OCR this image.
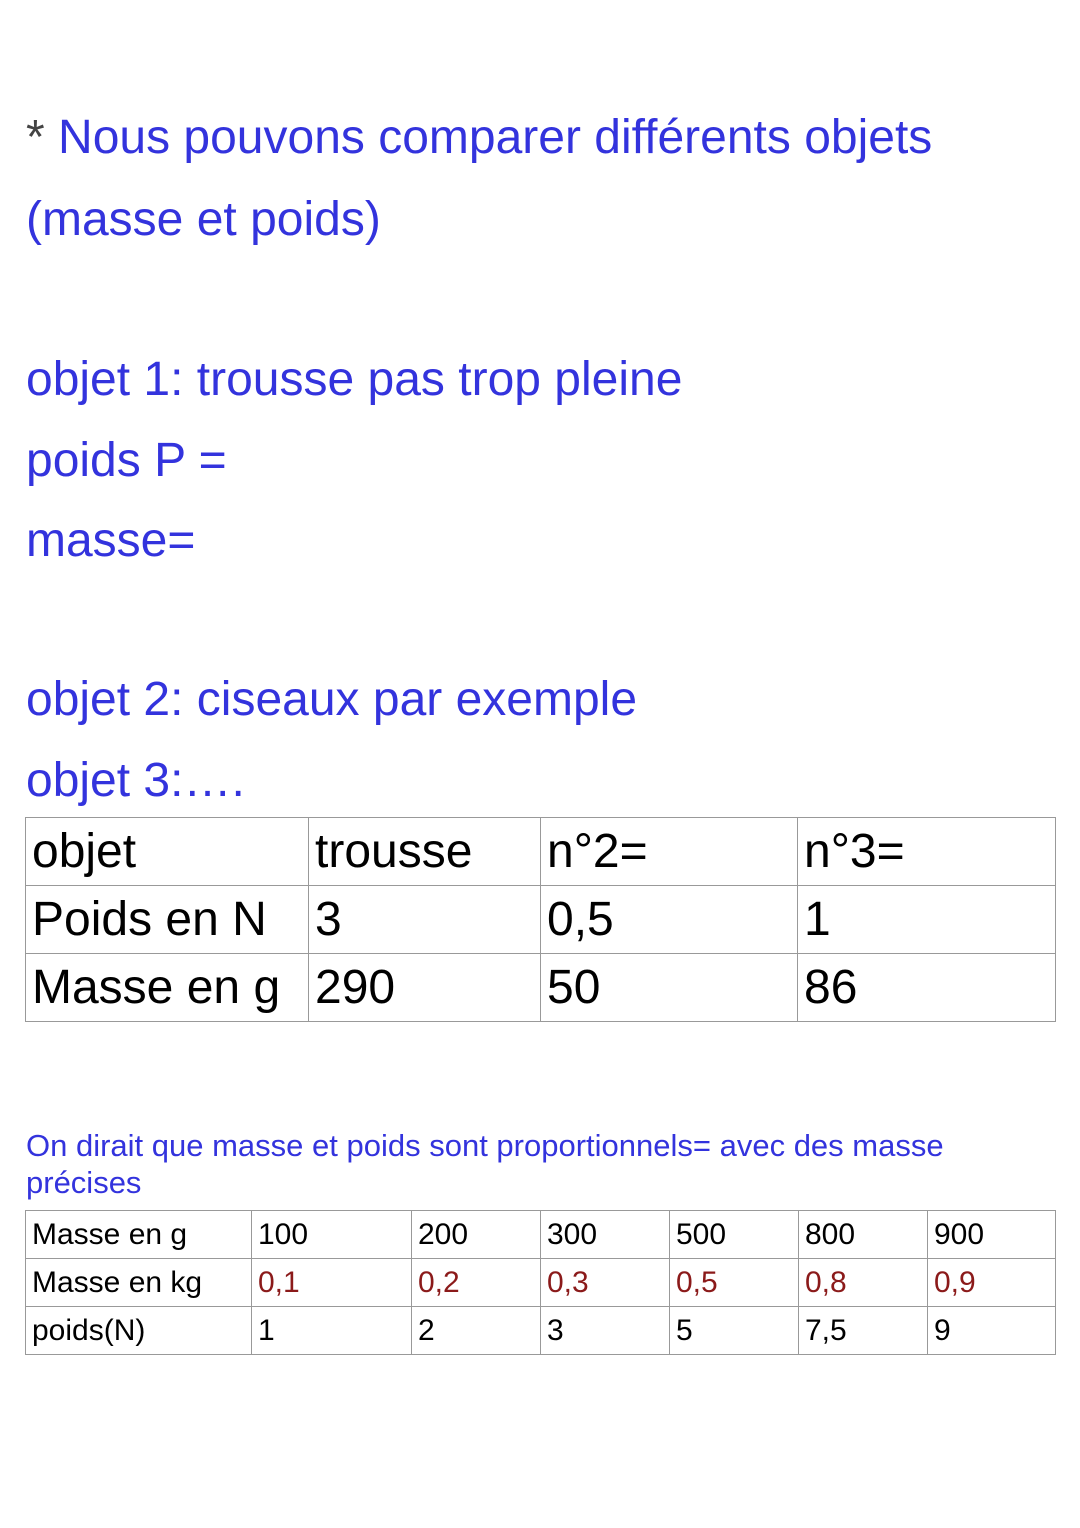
* Nous pouvons comparer différents objets

(masse et poids)

objet 1: trousse pas trop pleine

poids P =

masse=

objet 2: ciseaux par exemple

objet 3:….

objet	trousse	n°2=	n°3=
Poids en N	3	0,5	1
Masse en g	290	50	86

On dirait que masse et poids sont proportionnels= avec des masse précises

Masse en g	100	200	300	500	800	900
Masse en kg	0,1	0,2	0,3	0,5	0,8	0,9
poids(N)	1	2	3	5	7,5	9
